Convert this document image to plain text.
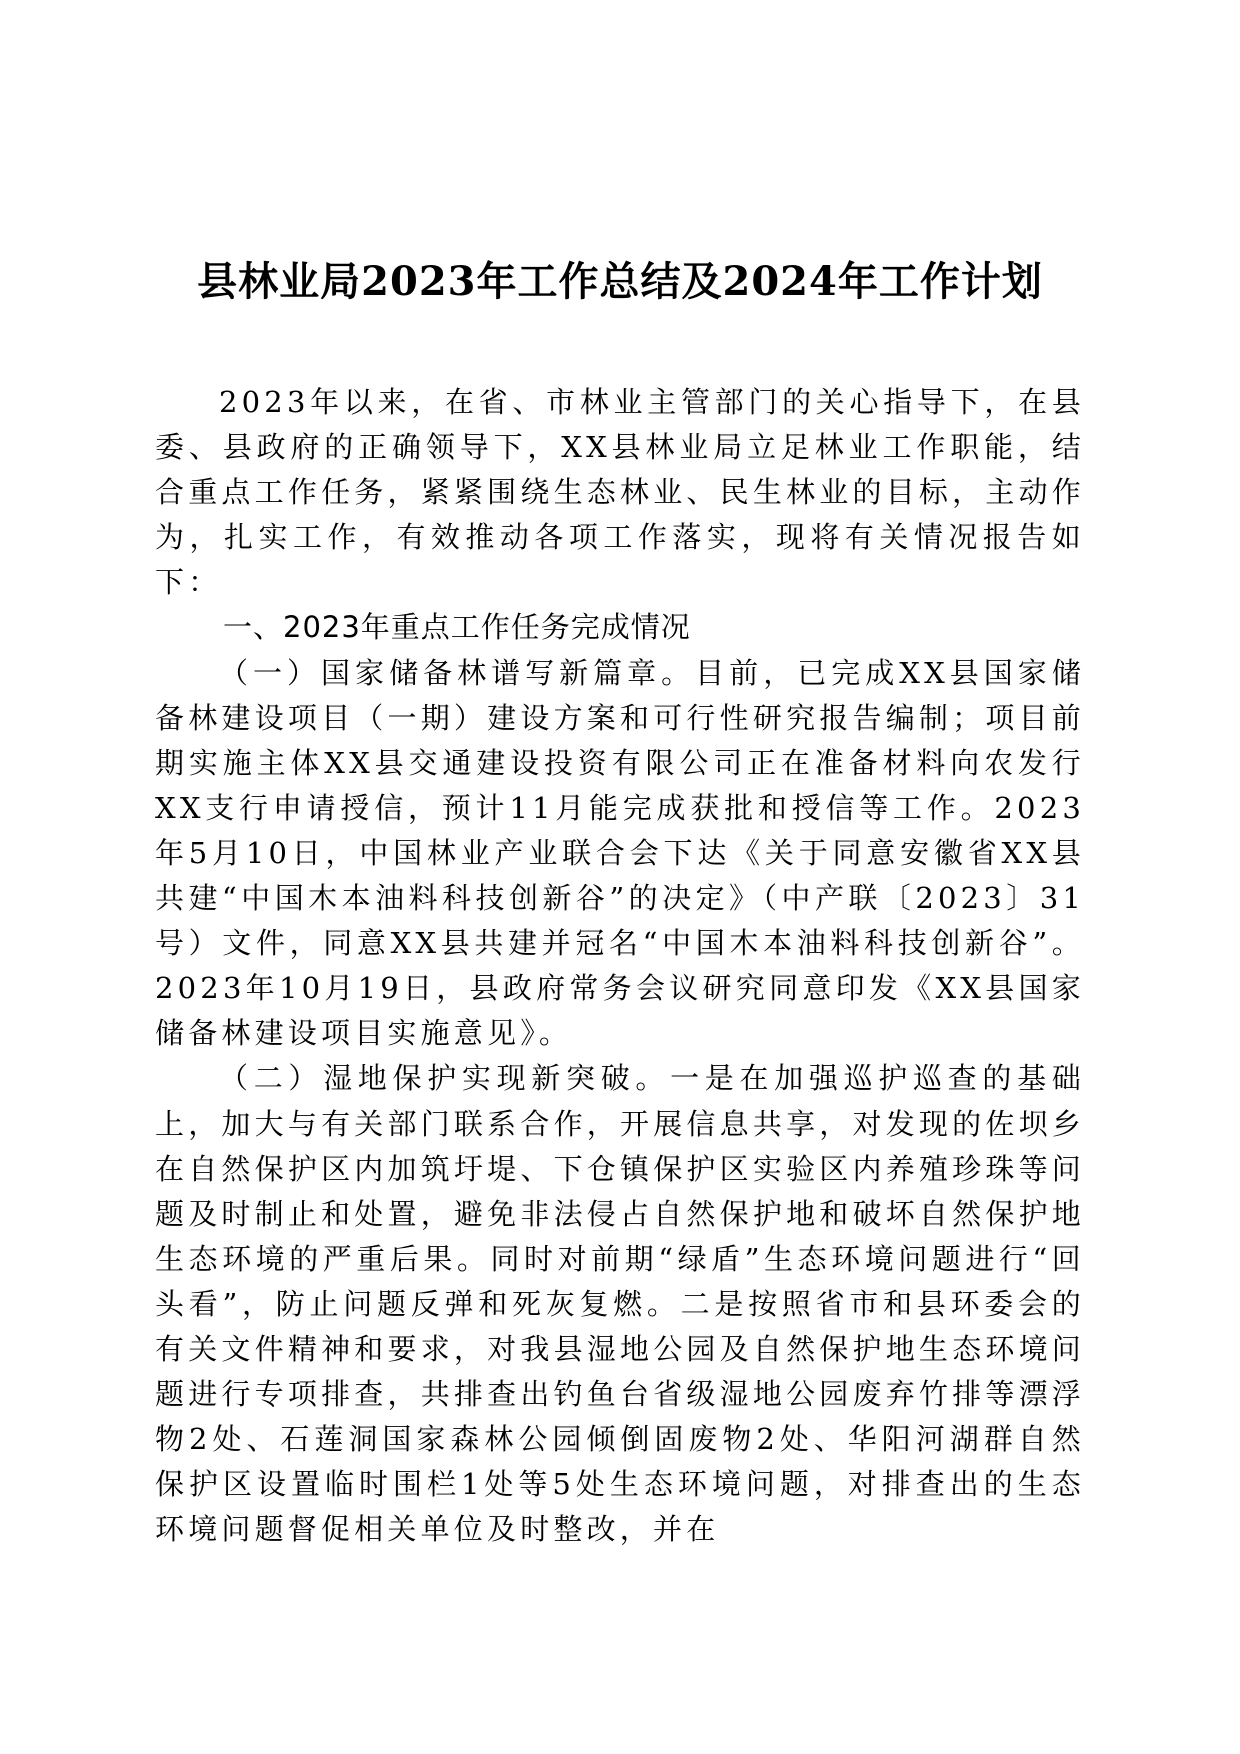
县林业局2023年工作总结及2024年工作计划

2023年以来，在省、市林业主管部门的关心指导下，在县委、县政府的正确领导下，XX县林业局立足林业工作职能，结合重点工作任务，紧紧围绕生态林业、民生林业的目标，主动作为，扎实工作，有效推动各项工作落实，现将有关情况报告如下：

一、2023年重点工作任务完成情况

（一）国家储备林谱写新篇章。目前，已完成XX县国家储备林建设项目（一期）建设方案和可行性研究报告编制；项目前期实施主体XX县交通建设投资有限公司正在准备材料向农发行XX支行申请授信，预计11月能完成获批和授信等工作。2023年5月10日，中国林业产业联合会下达《关于同意安徽省XX县共建“中国木本油料科技创新谷”的决定》（中产联〔2023〕31号）文件，同意XX县共建并冠名“中国木本油料科技创新谷”。2023年10月19日，县政府常务会议研究同意印发《XX县国家储备林建设项目实施意见》。

（二）湿地保护实现新突破。一是在加强巡护巡查的基础上，加大与有关部门联系合作，开展信息共享，对发现的佐坝乡在自然保护区内加筑圩堤、下仓镇保护区实验区内养殖珍珠等问题及时制止和处置，避免非法侵占自然保护地和破坏自然保护地生态环境的严重后果。同时对前期“绿盾”生态环境问题进行“回头看”，防止问题反弹和死灰复燃。二是按照省市和县环委会的有关文件精神和要求，对我县湿地公园及自然保护地生态环境问题进行专项排查，共排查出钓鱼台省级湿地公园废弃竹排等漂浮物2处、石莲洞国家森林公园倾倒固废物2处、华阳河湖群自然保护区设置临时围栏1处等5处生态环境问题，对排查出的生态环境问题督促相关单位及时整改，并在
